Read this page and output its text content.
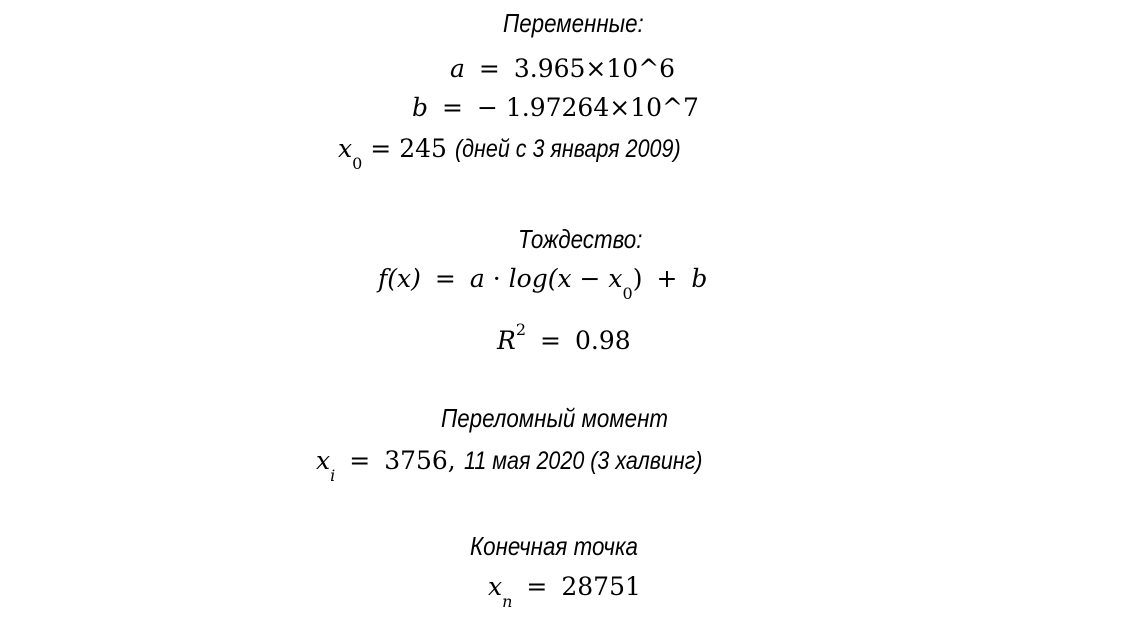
Переменные:
a = 3.965×10^6
b = − 1.97264×10^7
$x_0= 245$ (дней с 3 января 2009)
Тождество:
$f(x) = a \cdot \log(x - x_0) + b$
$R^2 = 0.98$
Переломный момент
$x_i= 3756$, 11 мая 2020 (3 халвинг)
Конечная точка
$x_n= 28751$
